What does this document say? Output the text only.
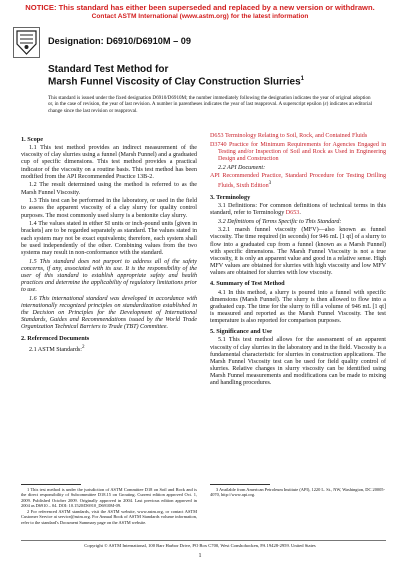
NOTICE: This standard has either been superseded and replaced by a new version or withdrawn.
Contact ASTM International (www.astm.org) for the latest information
Designation: D6910/D6910M – 09
Standard Test Method for
Marsh Funnel Viscosity of Clay Construction Slurries$^1$
This standard is issued under the fixed designation D6910/D6910M; the number immediately following the designation indicates the year of original adoption or, in the case of revision, the year of last revision. A number in parentheses indicates the year of last reapproval. A superscript epsilon (ε) indicates an editorial change since the last revision or reapproval.
1. Scope

1.1 This test method provides an indirect measurement of the viscosity of clay slurries using a funnel (Marsh Funnel) and a graduated cup of specific dimensions. This test method provides a practical indicator of the viscosity on a routine basis. This test method has been modified from the API Recommended Practice 13B-2.

1.2 The result determined using the method is referred to as the Marsh Funnel Viscosity.

1.3 This test can be performed in the laboratory, or used in the field to assess the apparent viscosity of a clay slurry for quality control purposes. The most commonly used slurry is a bentonite clay slurry.

1.4 The values stated in either SI units or inch-pound units [given in brackets] are to be regarded separately as standard. The values stated in each system may not be exact equivalents; therefore, each system shall be used independently of the other. Combining values from the two systems may result in non-conformance with the standard.

1.5 This standard does not purport to address all of the safety concerns, if any, associated with its use. It is the responsibility of the user of this standard to establish appropriate safety and health practices and determine the applicability of regulatory limitations prior to use.

1.6 This international standard was developed in accordance with internationally recognized principles on standardization established in the Decision on Principles for the Development of International Standards, Guides and Recommendations issued by the World Trade Organization Technical Barriers to Trade (TBT) Committee.

2. Referenced Documents

2.1 ASTM Standards:$^2$

D653 Terminology Relating to Soil, Rock, and Contained Fluids
D3740 Practice for Minimum Requirements for Agencies Engaged in Testing and/or Inspection of Soil and Rock as Used in Engineering Design and Construction

2.2 API Document:

API Recommended Practice, Standard Procedure for Testing Drilling Fluids, Sixth Edition$^3$
3. Terminology

3.1 Definitions: For common definitions of technical terms in this standard, refer to Terminology D653.

3.2 Definitions of Terms Specific to This Standard:

3.2.1 marsh funnel viscosity (MFV)—also known as funnel viscosity. The time required (in seconds) for 946 mL [1 qt] of a slurry to flow into a graduated cup from a funnel (known as a Marsh Funnel) with specific dimensions. The Marsh Funnel Viscosity is not a true viscosity, it is only an apparent value and good in a relative sense. High MFV values are obtained for slurries with high viscosity and low MFV values are obtained for slurries with low viscosity.

4. Summary of Test Method

4.1 In this method, a slurry is poured into a funnel with specific dimensions (Marsh Funnel). The slurry is then allowed to flow into a graduated cup. The time for the slurry to fill a volume of 946 mL [1 qt] is measured and reported as the Marsh Funnel Viscosity. The test temperature is also reported for comparison purposes.

5. Significance and Use

5.1 This test method allows for the assessment of an apparent viscosity of clay slurries in the laboratory and in the field. Viscosity is a fundamental characteristic for slurries in construction applications. The Marsh Funnel Viscosity test can be used for field quality control of slurries. Relative changes in slurry viscosity can be identified using Marsh Funnel measurements and modifications can be made to mixing and handling procedures.

1 This test method is under the jurisdiction of ASTM Committee D18 on Soil and Rock and is the direct responsibility of Subcommittee D18.15 on Grouting. Current edition approved Oct. 1, 2009. Published October 2009. Originally approved in 2004. Last previous edition approved in 2004 as D6910 – 04. DOI: 10.1520/D6910_D6910M-09.

2 For referenced ASTM standards, visit the ASTM website, www.astm.org, or contact ASTM Customer Service at service@astm.org. For Annual Book of ASTM Standards volume information, refer to the standard's Document Summary page on the ASTM website.

3 Available from American Petroleum Institute (API), 1220 L. St., NW, Washington, DC 20005-4070, http://www.api.org.
Copyright © ASTM International, 100 Barr Harbor Drive, PO Box C700, West Conshohocken, PA 19428-2959. United States
1
